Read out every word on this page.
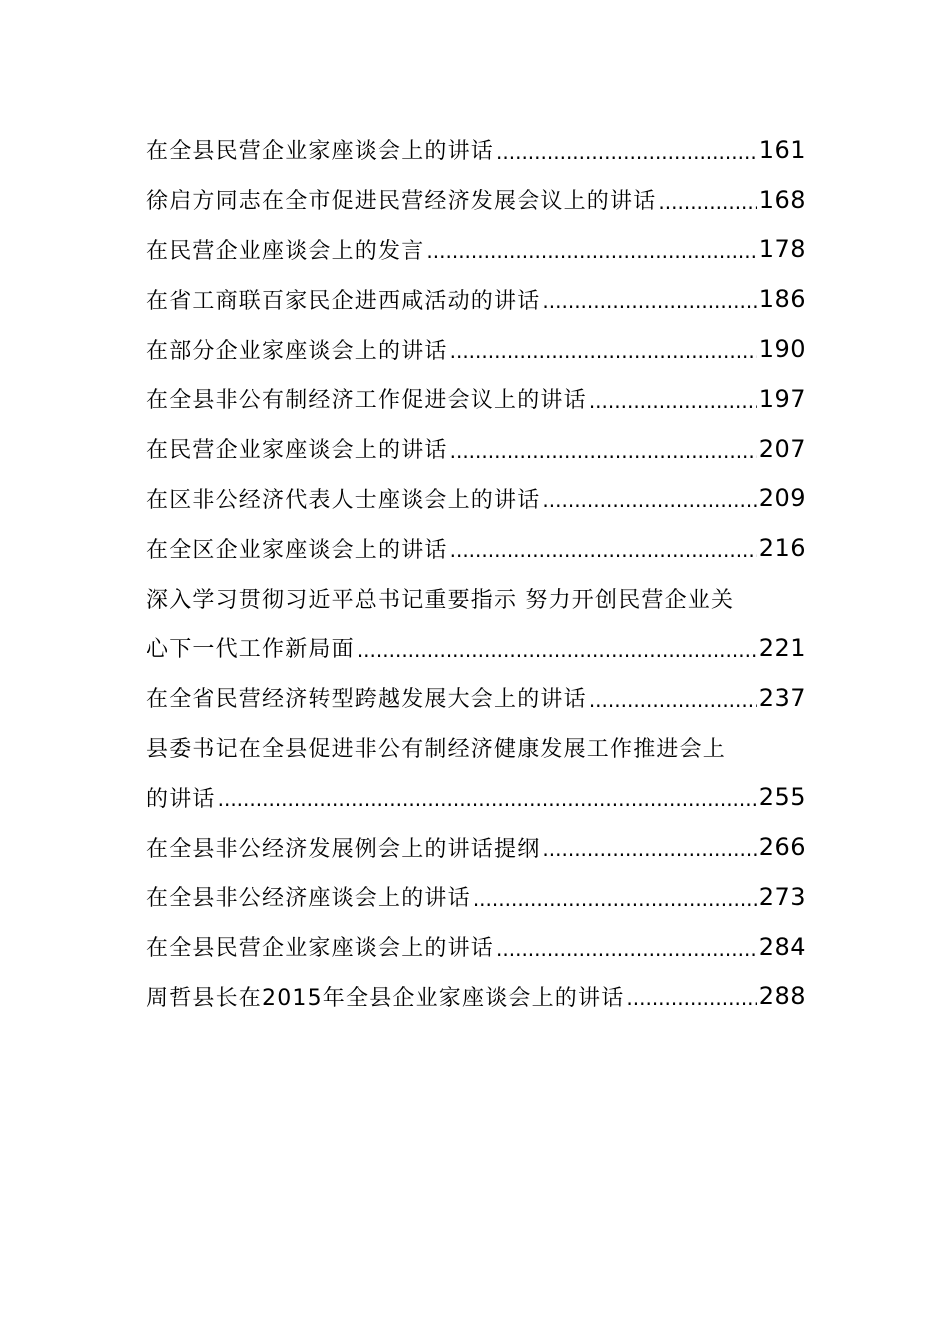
在全县民营企业家座谈会上的讲话 .....	161
徐启方同志在全市促进民营经济发展会议上的讲话 .....	168
在民营企业座谈会上的发言 .....	178
在省工商联百家民企进西咸活动的讲话 .....	186
在部分企业家座谈会上的讲话 .....	190
在全县非公有制经济工作促进会议上的讲话 .....	197
在民营企业家座谈会上的讲话 .....	207
在区非公经济代表人士座谈会上的讲话 .....	209
在全区企业家座谈会上的讲话 .....	216
深入学习贯彻习近平总书记重要指示 努力开创民营企业关
心下一代工作新局面 .....	221
在全省民营经济转型跨越发展大会上的讲话 .....	237
县委书记在全县促进非公有制经济健康发展工作推进会上
的讲话 .....	255
在全县非公经济发展例会上的讲话提纲 .....	266
在全县非公经济座谈会上的讲话 .....	273
在全县民营企业家座谈会上的讲话 .....	284
周哲县长在2015年全县企业家座谈会上的讲话 .....	288
